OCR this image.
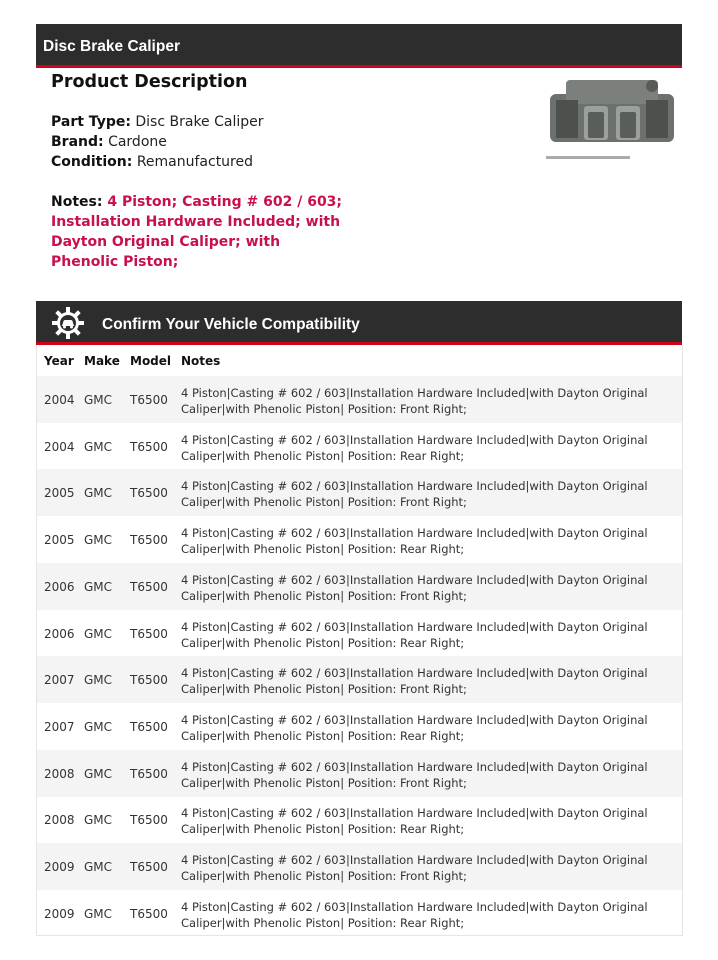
Disc Brake Caliper
Product Description
Part Type: Disc Brake Caliper
Brand: Cardone
Condition: Remanufactured
Notes: 4 Piston; Casting # 602 / 603; Installation Hardware Included; with Dayton Original Caliper; with Phenolic Piston;
Confirm Your Vehicle Compatibility
Year Make Model Notes
2004 GMC T6500 4 Piston|Casting # 602 / 603|Installation Hardware Included|with Dayton Original Caliper|with Phenolic Piston| Position: Front Right;
2004 GMC T6500 4 Piston|Casting # 602 / 603|Installation Hardware Included|with Dayton Original Caliper|with Phenolic Piston| Position: Rear Right;
2005 GMC T6500 4 Piston|Casting # 602 / 603|Installation Hardware Included|with Dayton Original Caliper|with Phenolic Piston| Position: Front Right;
2005 GMC T6500 4 Piston|Casting # 602 / 603|Installation Hardware Included|with Dayton Original Caliper|with Phenolic Piston| Position: Rear Right;
2006 GMC T6500 4 Piston|Casting # 602 / 603|Installation Hardware Included|with Dayton Original Caliper|with Phenolic Piston| Position: Front Right;
2006 GMC T6500 4 Piston|Casting # 602 / 603|Installation Hardware Included|with Dayton Original Caliper|with Phenolic Piston| Position: Rear Right;
2007 GMC T6500 4 Piston|Casting # 602 / 603|Installation Hardware Included|with Dayton Original Caliper|with Phenolic Piston| Position: Front Right;
2007 GMC T6500 4 Piston|Casting # 602 / 603|Installation Hardware Included|with Dayton Original Caliper|with Phenolic Piston| Position: Rear Right;
2008 GMC T6500 4 Piston|Casting # 602 / 603|Installation Hardware Included|with Dayton Original Caliper|with Phenolic Piston| Position: Front Right;
2008 GMC T6500 4 Piston|Casting # 602 / 603|Installation Hardware Included|with Dayton Original Caliper|with Phenolic Piston| Position: Rear Right;
2009 GMC T6500 4 Piston|Casting # 602 / 603|Installation Hardware Included|with Dayton Original Caliper|with Phenolic Piston| Position: Front Right;
2009 GMC T6500 4 Piston|Casting # 602 / 603|Installation Hardware Included|with Dayton Original Caliper|with Phenolic Piston| Position: Rear Right;
